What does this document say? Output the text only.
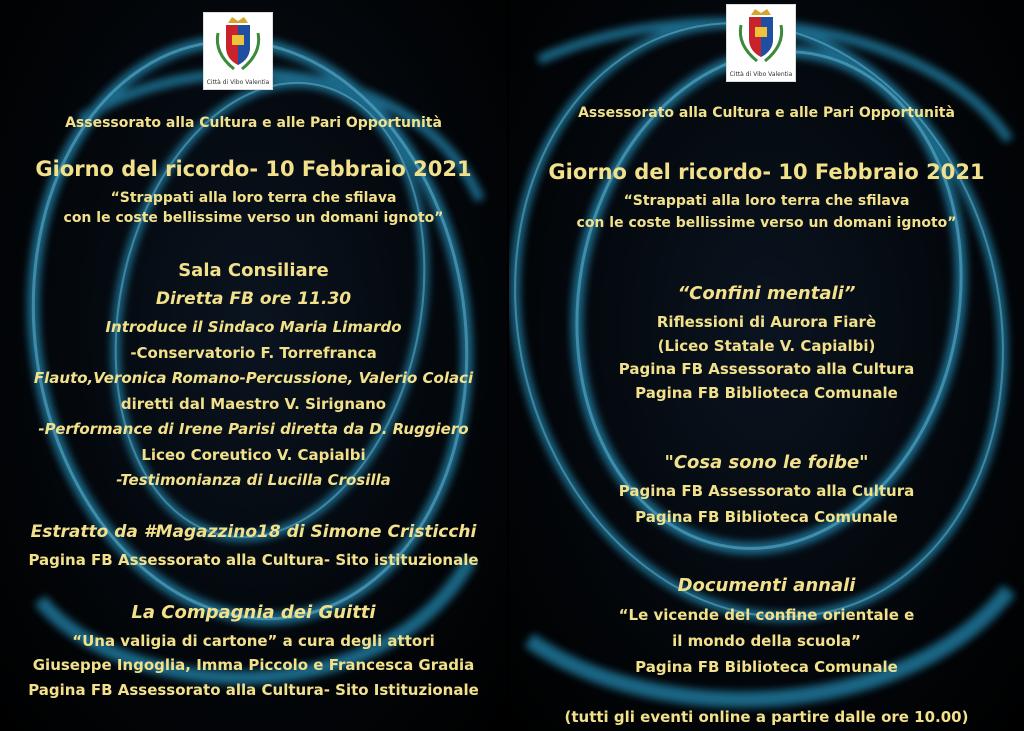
Città di Vibo Valentia
Assessorato alla Cultura e alle Pari Opportunità
Giorno del ricordo- 10 Febbraio 2021
“Strappati alla loro terra che sfilava
con le coste bellissime verso un domani ignoto”
Sala Consiliare
Diretta FB ore 11.30
Introduce il Sindaco Maria Limardo
-Conservatorio F. Torrefranca
Flauto,Veronica Romano-Percussione, Valerio Colaci
diretti dal Maestro V. Sirignano
-Performance di Irene Parisi diretta da D. Ruggiero
Liceo Coreutico V. Capialbi
-Testimonianza di Lucilla Crosilla
Estratto da #Magazzino18 di Simone Cristicchi
Pagina FB Assessorato alla Cultura- Sito istituzionale
La Compagnia dei Guitti
“Una valigia di cartone” a cura degli attori
Giuseppe Ingoglia, Imma Piccolo e Francesca Gradia
Pagina FB Assessorato alla Cultura- Sito Istituzionale
Città di Vibo Valentia
Assessorato alla Cultura e alle Pari Opportunità
Giorno del ricordo- 10 Febbraio 2021
“Strappati alla loro terra che sfilava
con le coste bellissime verso un domani ignoto”
“Confini mentali”
Riflessioni di Aurora Fiarè
(Liceo Statale V. Capialbi)
Pagina FB Assessorato alla Cultura
Pagina FB Biblioteca Comunale
"Cosa sono le foibe"
Pagina FB Assessorato alla Cultura
Pagina FB Biblioteca Comunale
Documenti annali
“Le vicende del confine orientale e
il mondo della scuola”
Pagina FB Biblioteca Comunale
(tutti gli eventi online a partire dalle ore 10.00)
